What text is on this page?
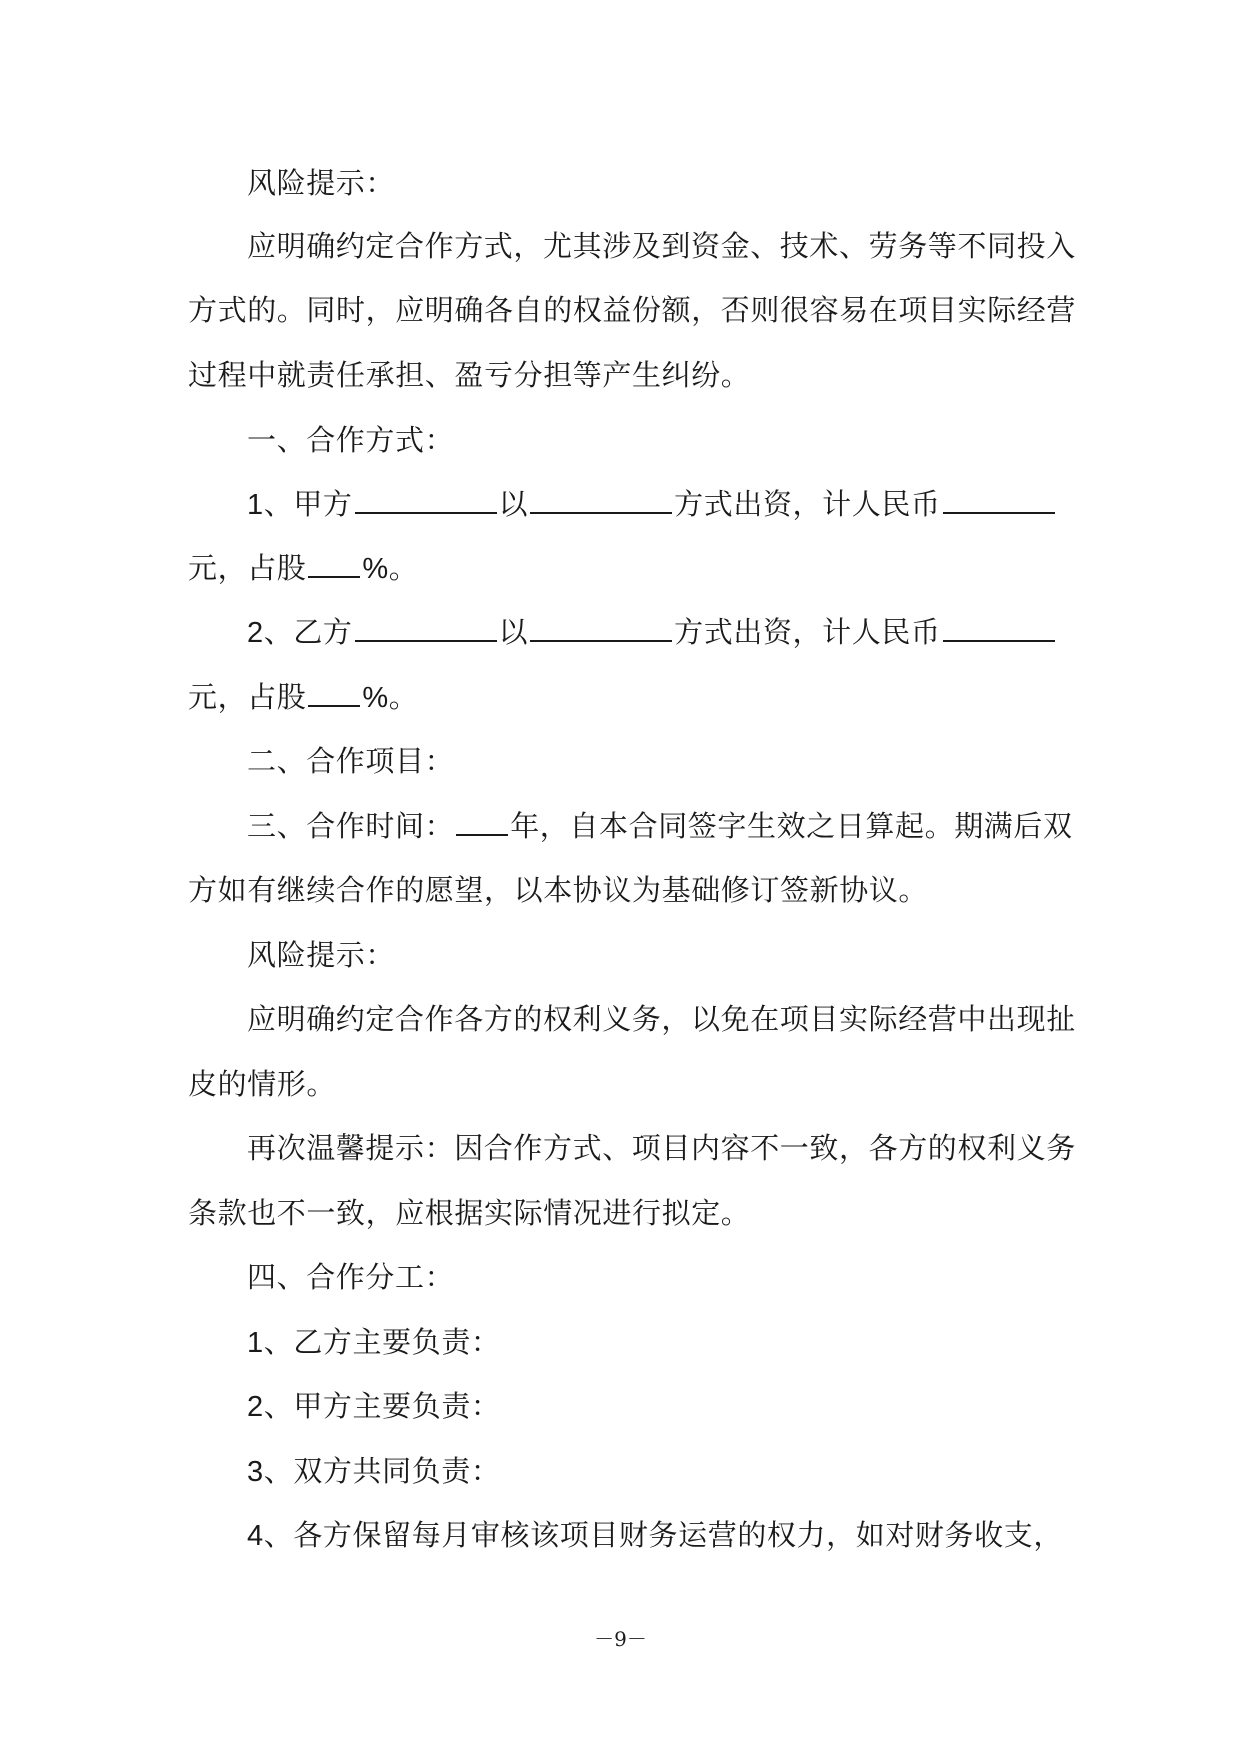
风险提示：
应明确约定合作方式，尤其涉及到资金、技术、劳务等不同投入
方式的。同时，应明确各自的权益份额，否则很容易在项目实际经营
过程中就责任承担、盈亏分担等产生纠纷。
一、合作方式：
1、甲方	以	方式出资，计人民币
元，占股 %。
2、乙方	以	方式出资，计人民币
元，占股 %。
二、合作项目：
三、合作时间： 年，自本合同签字生效之日算起。期满后双
方如有继续合作的愿望，以本协议为基础修订签新协议。
风险提示：
应明确约定合作各方的权利义务，以免在项目实际经营中出现扯
皮的情形。
再次温馨提示：因合作方式、项目内容不一致，各方的权利义务
条款也不一致，应根据实际情况进行拟定。
四、合作分工：
1、乙方主要负责：
2、甲方主要负责：
3、双方共同负责：
4、各方保留每月审核该项目财务运营的权力，如对财务收支，
－9－
